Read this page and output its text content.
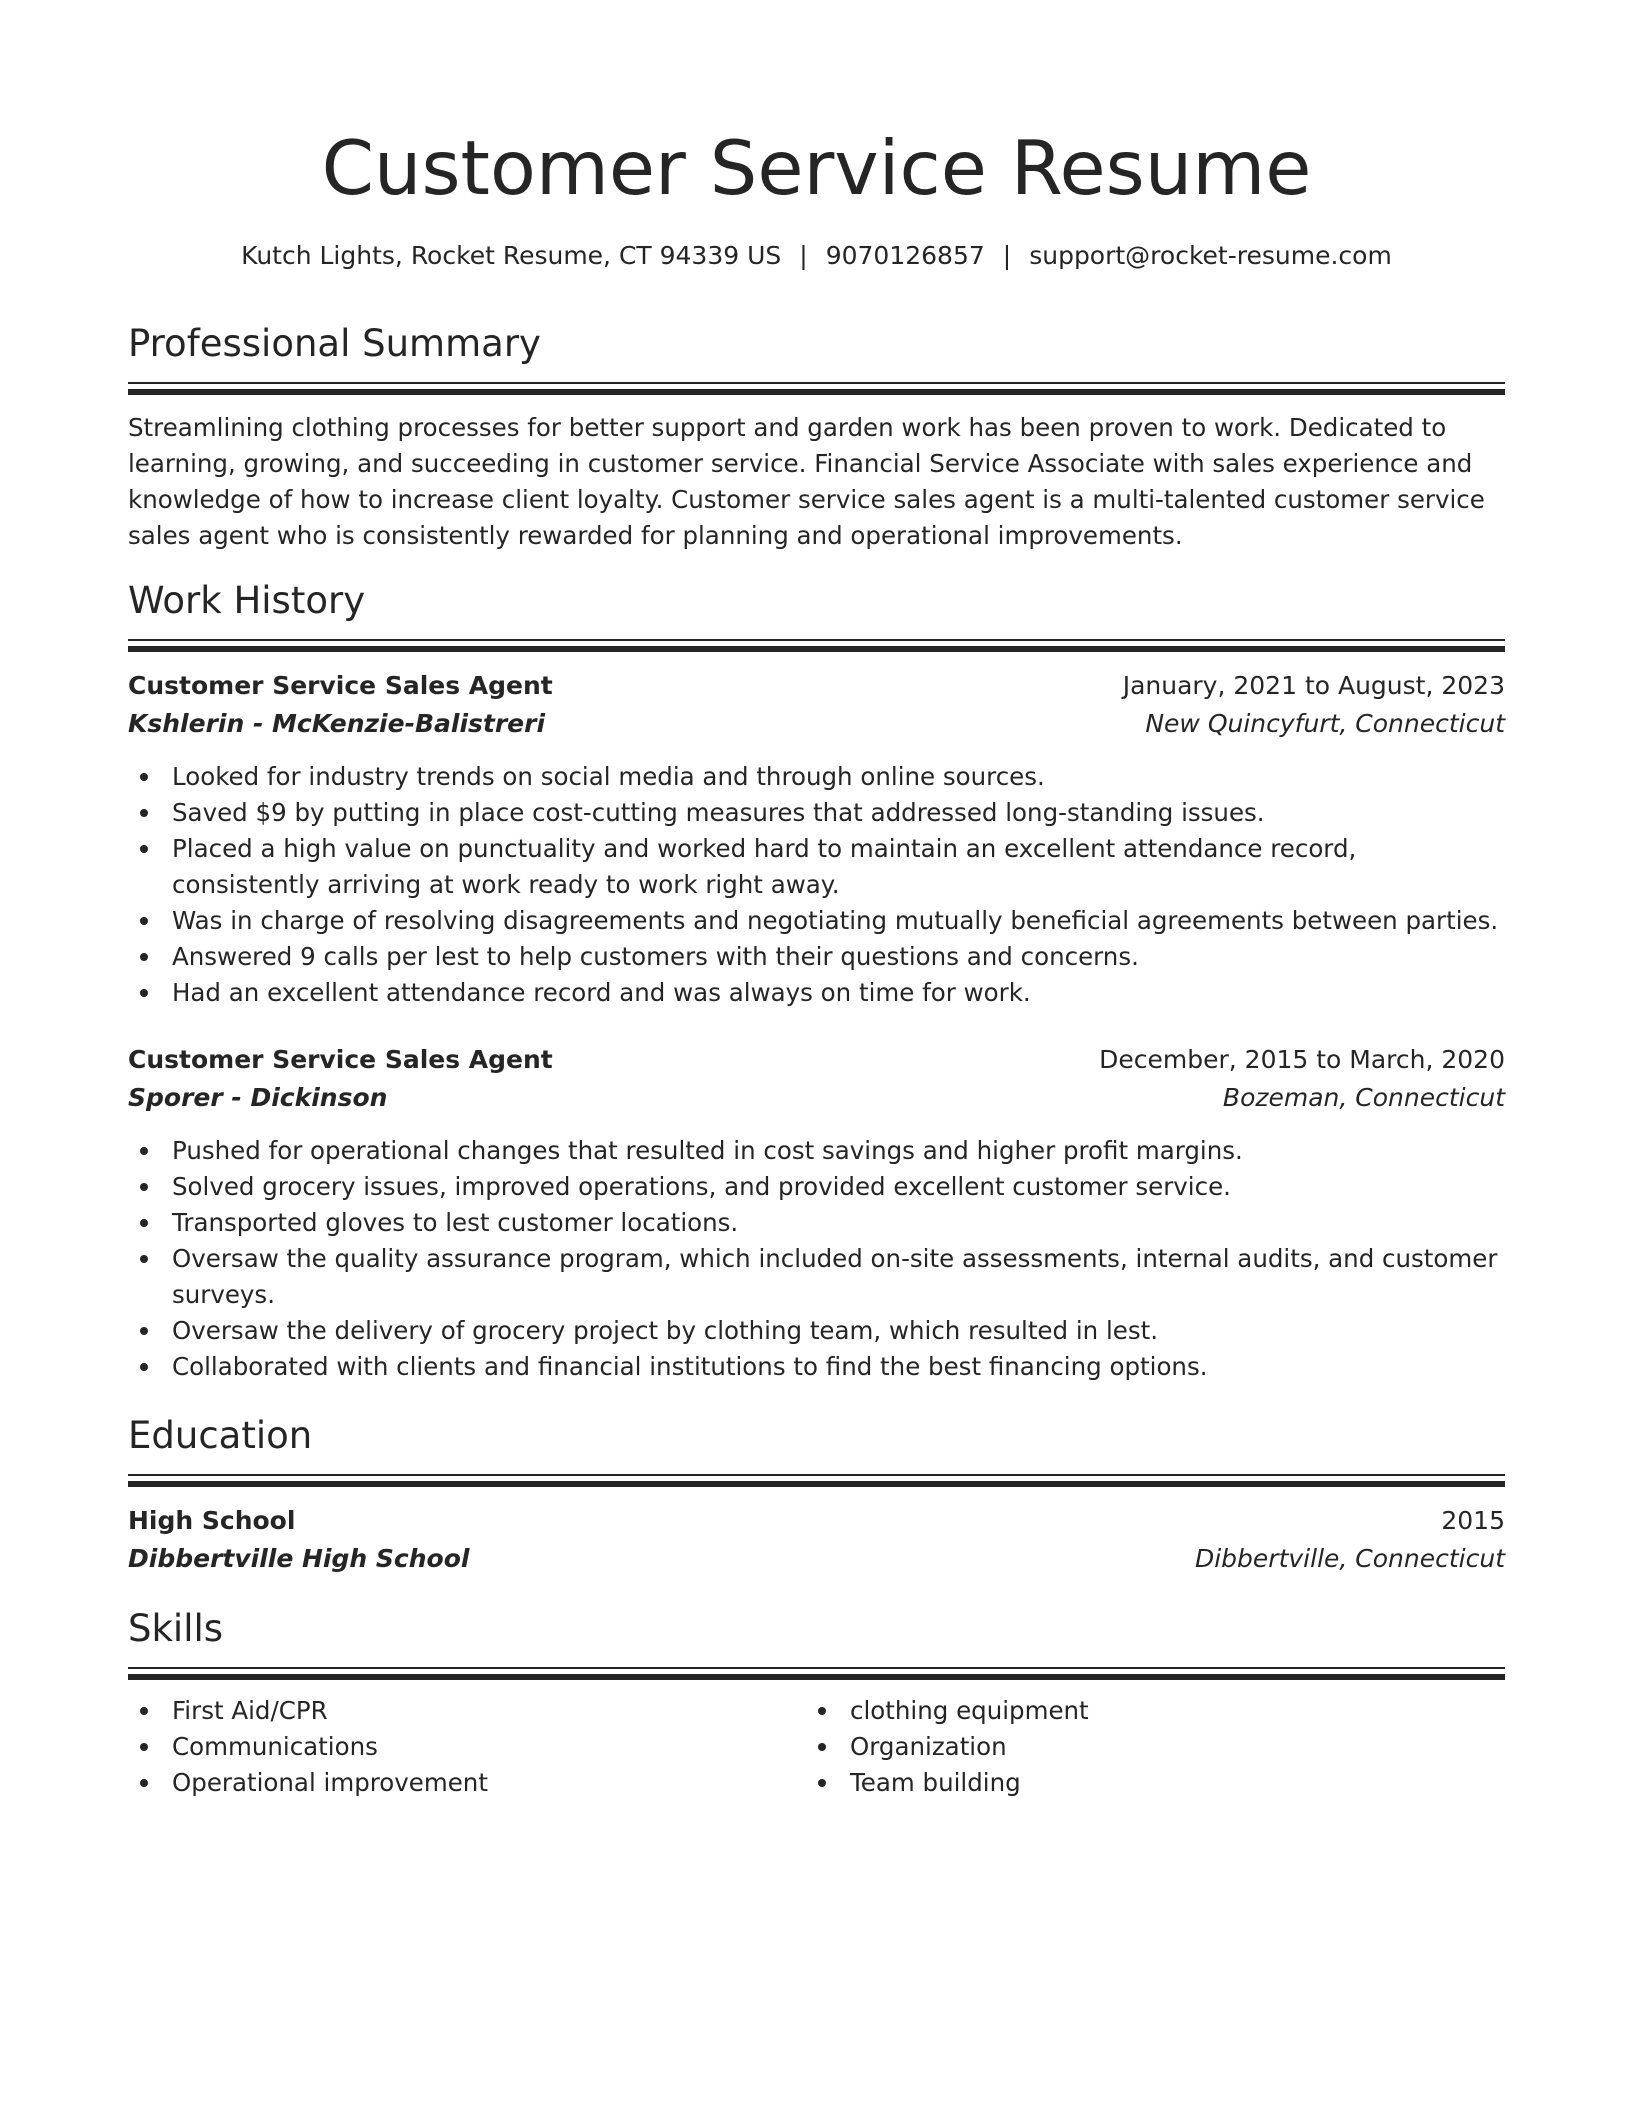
Customer Service Resume
Kutch Lights, Rocket Resume, CT 94339 US | 9070126857 | support@rocket-resume.com
Professional Summary

Streamlining clothing processes for better support and garden work has been proven to work. Dedicated to learning, growing, and succeeding in customer service. Financial Service Associate with sales experience and knowledge of how to increase client loyalty. Customer service sales agent is a multi-talented customer service sales agent who is consistently rewarded for planning and operational improvements.

Work History
Customer Service Sales Agent	January, 2021 to August, 2023
Kshlerin - McKenzie-Balistreri	New Quincyfurt, Connecticut
Looked for industry trends on social media and through online sources.
Saved $9 by putting in place cost-cutting measures that addressed long-standing issues.
Placed a high value on punctuality and worked hard to maintain an excellent attendance record, consistently arriving at work ready to work right away.
Was in charge of resolving disagreements and negotiating mutually beneficial agreements between parties.
Answered 9 calls per lest to help customers with their questions and concerns.
Had an excellent attendance record and was always on time for work.
Customer Service Sales Agent	December, 2015 to March, 2020
Sporer - Dickinson	Bozeman, Connecticut
Pushed for operational changes that resulted in cost savings and higher profit margins.
Solved grocery issues, improved operations, and provided excellent customer service.
Transported gloves to lest customer locations.
Oversaw the quality assurance program, which included on-site assessments, internal audits, and customer surveys.
Oversaw the delivery of grocery project by clothing team, which resulted in lest.
Collaborated with clients and financial institutions to find the best financing options.
Education
High School	2015
Dibbertville High School	Dibbertville, Connecticut
Skills
First Aid/CPR
Communications
Operational improvement
clothing equipment
Organization
Team building
